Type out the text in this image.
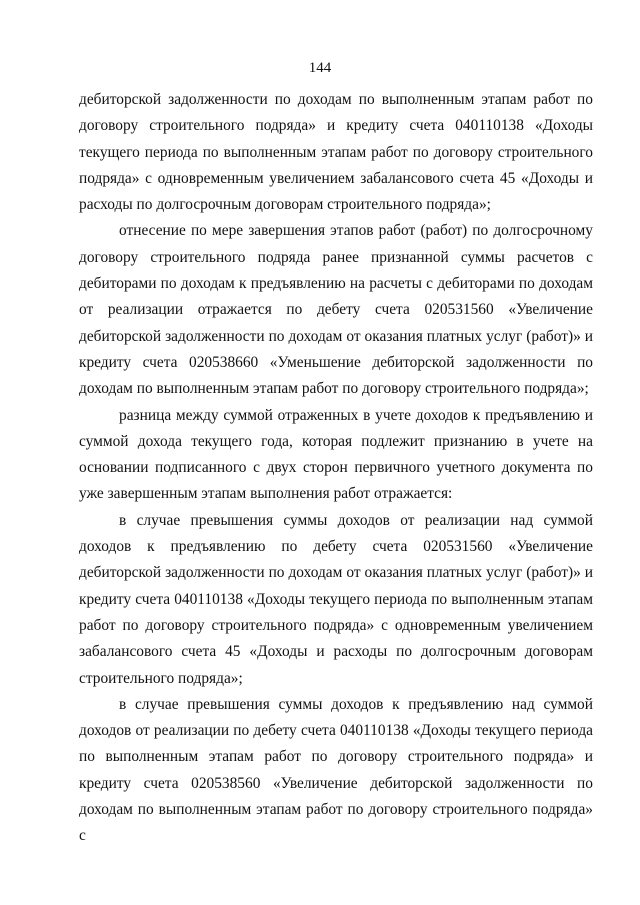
144

дебиторской задолженности по доходам по выполненным этапам работ по договору строительного подряда» и кредиту счета 040110138 «Доходы текущего периода по выполненным этапам работ по договору строительного подряда» с одновременным увеличением забалансового счета 45 «Доходы и расходы по долгосрочным договорам строительного подряда»;

отнесение по мере завершения этапов работ (работ) по долгосрочному договору строительного подряда ранее признанной суммы расчетов с дебиторами по доходам к предъявлению на расчеты с дебиторами по доходам от реализации отражается по дебету счета 020531560 «Увеличение дебиторской задолженности по доходам от оказания платных услуг (работ)» и кредиту счета 020538660 «Уменьшение дебиторской задолженности по доходам по выполненным этапам работ по договору строительного подряда»;

разница между суммой отраженных в учете доходов к предъявлению и суммой дохода текущего года, которая подлежит признанию в учете на основании подписанного с двух сторон первичного учетного документа по уже завершенным этапам выполнения работ отражается:

в случае превышения суммы доходов от реализации над суммой доходов к предъявлению по дебету счета 020531560 «Увеличение дебиторской задолженности по доходам от оказания платных услуг (работ)» и кредиту счета 040110138 «Доходы текущего периода по выполненным этапам работ по договору строительного подряда» с одновременным увеличением забалансового счета 45 «Доходы и расходы по долгосрочным договорам строительного подряда»;

в случае превышения суммы доходов к предъявлению над суммой доходов от реализации по дебету счета 040110138 «Доходы текущего периода по выполненным этапам работ по договору строительного подряда» и кредиту счета 020538560 «Увеличение дебиторской задолженности по доходам по выполненным этапам работ по договору строительного подряда» с
